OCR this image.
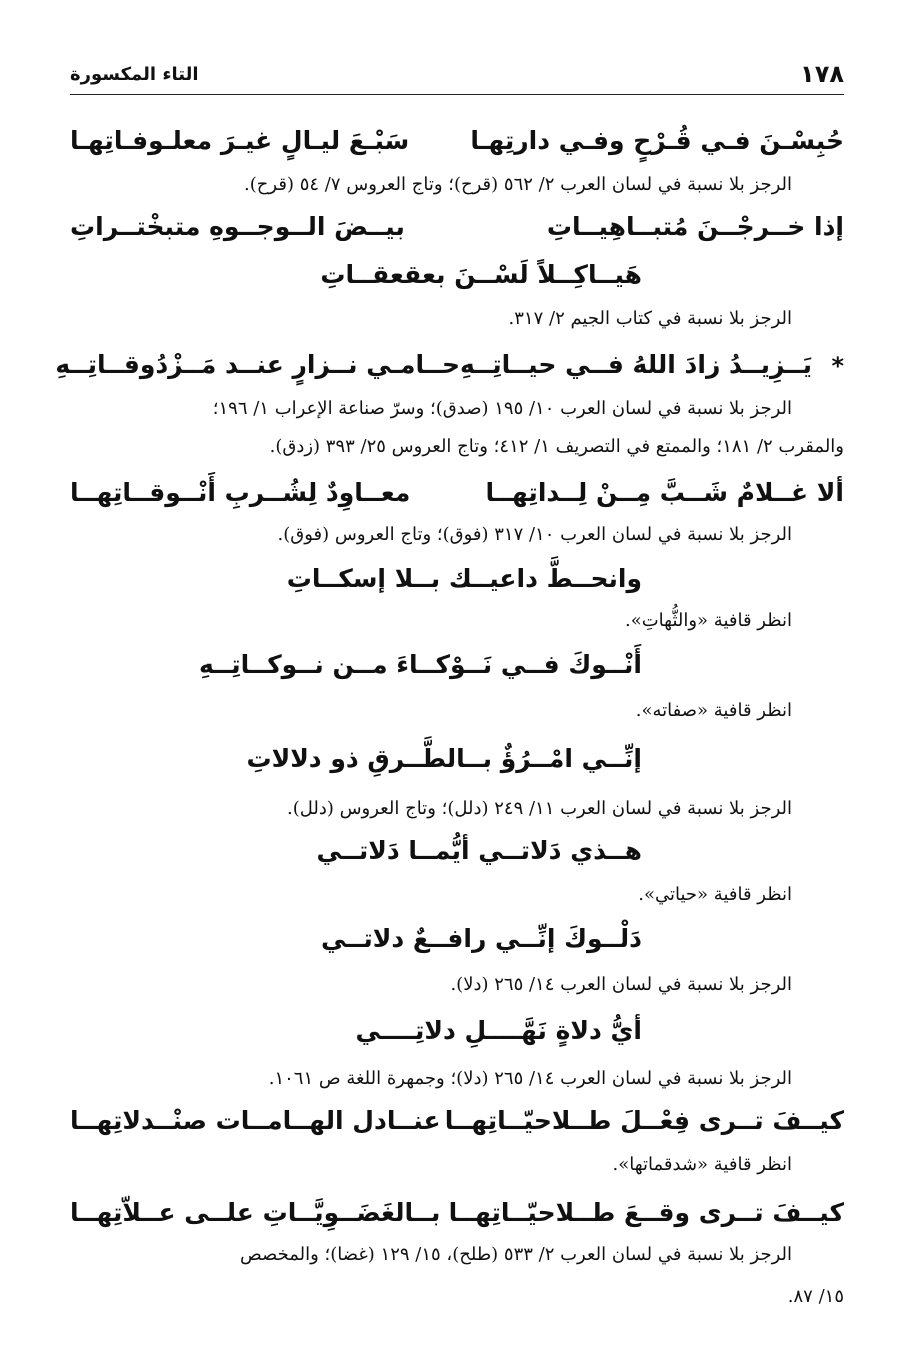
١٧٨
التاء المكسورة
حُبِسْـنَ فـي قُـرْحٍ وفـي دارتِهـا
سَبْـعَ ليـالٍ غيـرَ معلـوفـاتِهـا
الرجز بلا نسبة في لسان العرب ٢/ ٥٦٢ (قرح)؛ وتاج العروس ٧/ ٥٤ (قرح).
إذا خــرجْــنَ مُتبــاهِيــاتِ
بيــضَ الــوجــوهِ متبخْتــراتِ
هَيــاكِــلاً لَسْــنَ بعقعقــاتِ
الرجز بلا نسبة في كتاب الجيم ٢/ ٣١٧.
يَــزِيــدُ زادَ اللهُ فــي حيــاتِــهِ
حــامـي نــزارٍ عنــد مَــزْدُوقــاتِــهِ	*
الرجز بلا نسبة في لسان العرب ١٠/ ١٩٥ (صدق)؛ وسرّ صناعة الإعراب ١/ ١٩٦؛
والمقرب ٢/ ١٨١؛ والممتع في التصريف ١/ ٤١٢؛ وتاج العروس ٢٥/ ٣٩٣ (زدق).
ألا غــلامٌ شَــبَّ مِــنْ لِــداتِهــا
معــاوِدٌ لِشُــربِ أَنْــوقــاتِهــا
الرجز بلا نسبة في لسان العرب ١٠/ ٣١٧ (فوق)؛ وتاج العروس (فوق).
وانحــطَّ داعيــك بــلا إسكــاتِ
انظر قافية «والثُّهاتِ».
أَنْــوكَ فــي نَــوْكــاءَ مــن نــوكــاتِــهِ
انظر قافية «صفاته».
إنِّــي امْــرُؤٌ بــالطَّــرقِ ذو دلالاتِ
الرجز بلا نسبة في لسان العرب ١١/ ٢٤٩ (دلل)؛ وتاج العروس (دلل).
هــذي دَلاتــي أيُّمــا دَلاتــي
انظر قافية «حياتي».
دَلْــوكَ إنِّــي رافــعٌ دلاتــي
الرجز بلا نسبة في لسان العرب ١٤/ ٢٦٥ (دلا).
أيُّ دلاةٍ نَهَّــــلِ دلاتِــــي
الرجز بلا نسبة في لسان العرب ١٤/ ٢٦٥ (دلا)؛ وجمهرة اللغة ص ١٠٦١.
كيــفَ تــرى فِعْــلَ طــلاحيّــاتِهــا
عنــادل الهــامــات صنْــدلاتِهــا
انظر قافية «شدقماتها».
كيــفَ تــرى وقــعَ طــلاحيّــاتِهــا
بــالغَضَــوِيَّــاتِ علــى عــلاّتِهــا
الرجز بلا نسبة في لسان العرب ٢/ ٥٣٣ (طلح)، ١٥/ ١٢٩ (غضا)؛ والمخصص
١٥/ ٨٧.
